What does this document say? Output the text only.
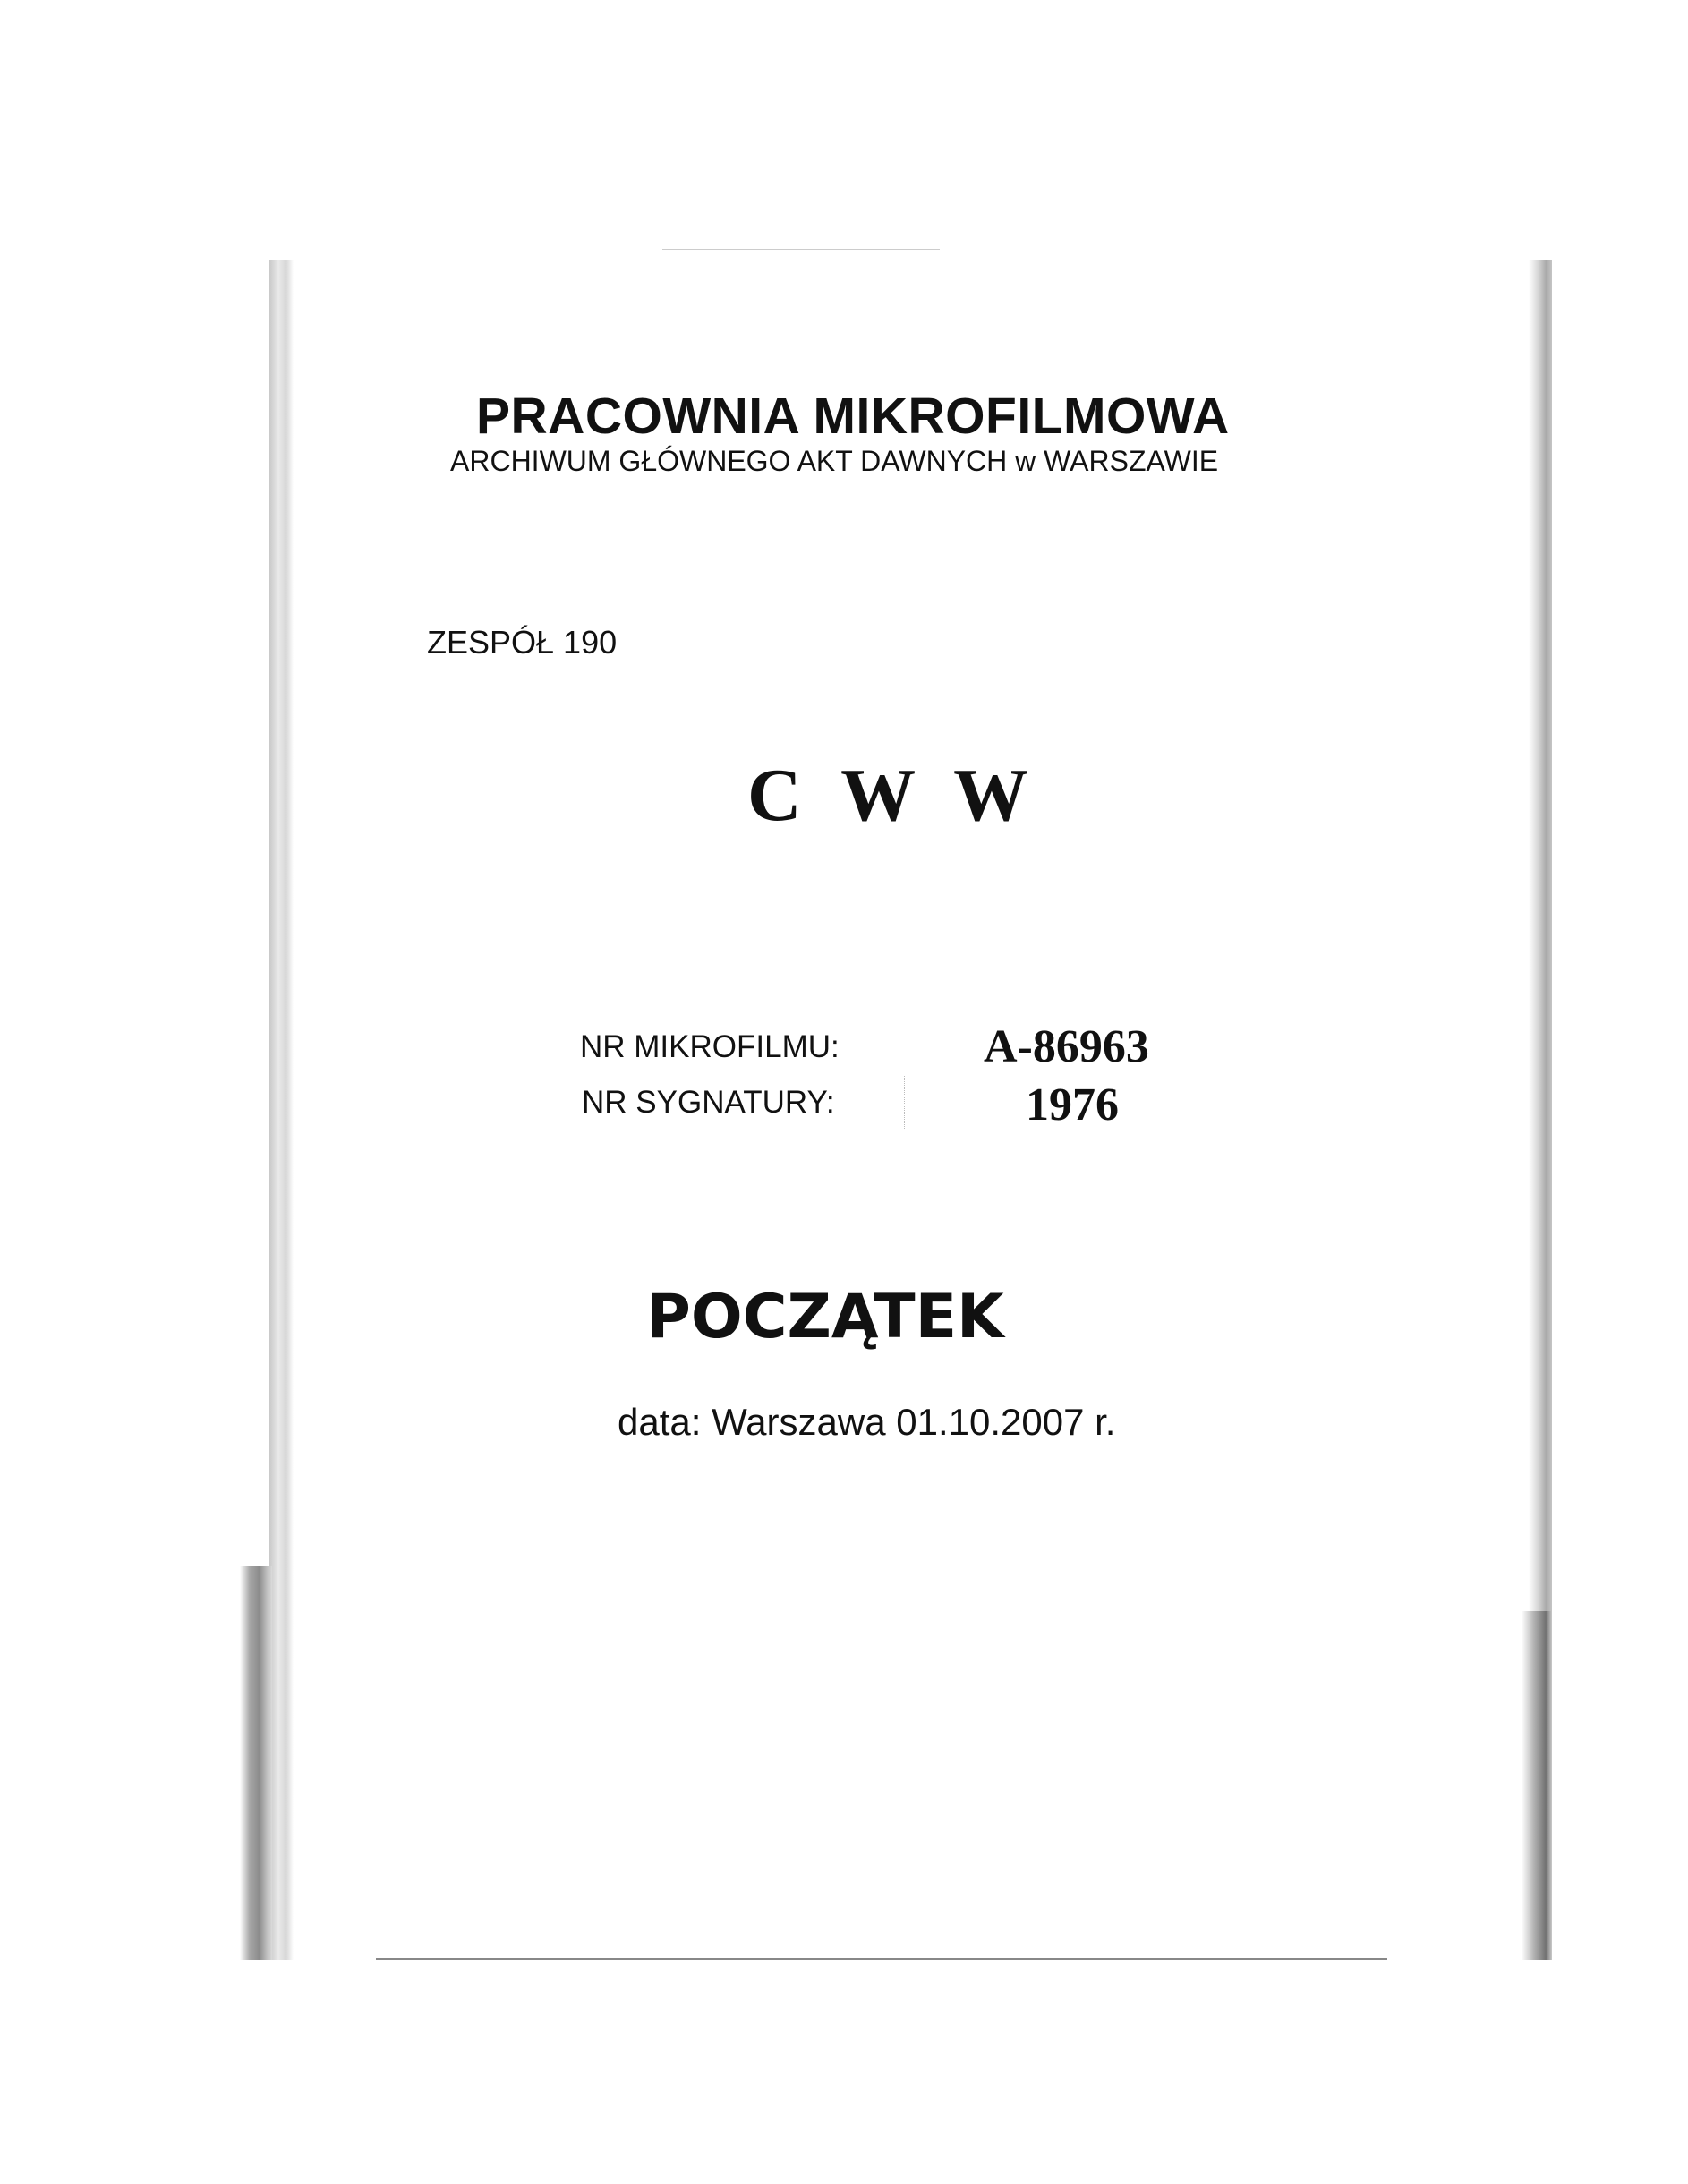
PRACOWNIA MIKROFILMOWA
ARCHIWUM GŁÓWNEGO AKT DAWNYCH w WARSZAWIE
ZESPÓŁ 190
C W W
NR MIKROFILMU:	A-86963
NR SYGNATURY:	1976
POCZĄTEK
data: Warszawa 01.10.2007 r.
